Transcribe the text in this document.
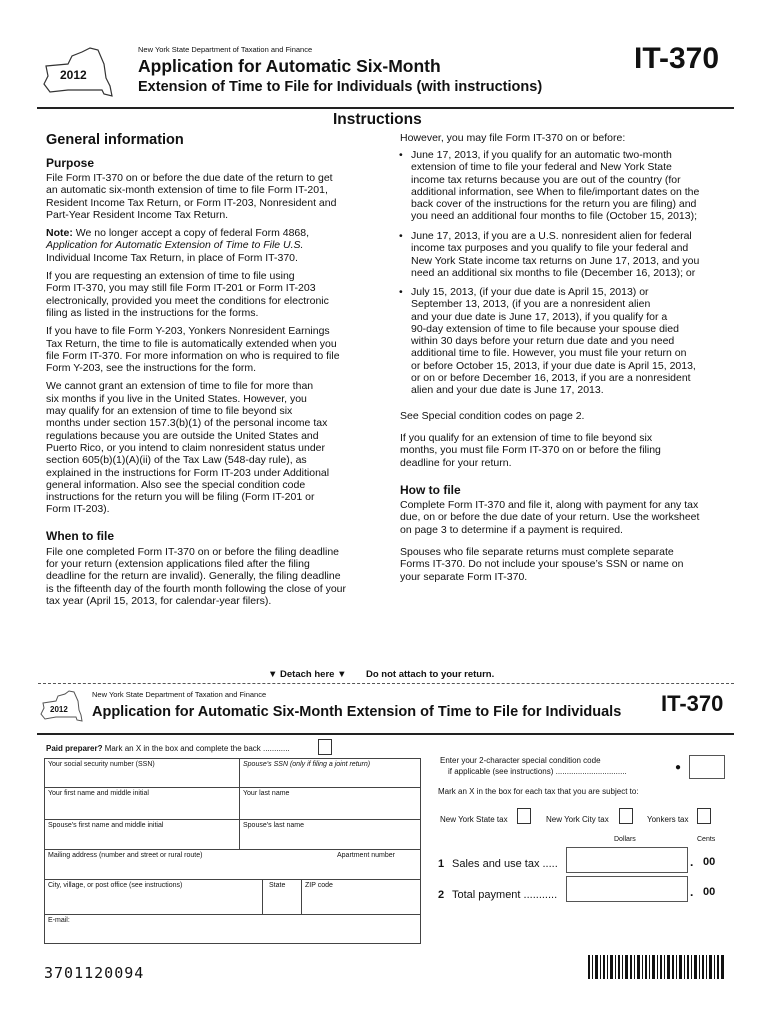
2012
New York State Department of Taxation and Finance
Application for Automatic Six-Month
Extension of Time to File for Individuals (with instructions)
IT-370
Instructions
General information
Purpose
File Form IT-370 on or before the due date of the return to get
an automatic six-month extension of time to file Form IT-201,
Resident Income Tax Return, or Form IT-203, Nonresident and
Part-Year Resident Income Tax Return.
Note: We no longer accept a copy of federal Form 4868,
Application for Automatic Extension of Time to File U.S.
Individual Income Tax Return, in place of Form IT-370.
If you are requesting an extension of time to file using
Form IT-370, you may still file Form IT-201 or Form IT-203
electronically, provided you meet the conditions for electronic
filing as listed in the instructions for the forms.
If you have to file Form Y-203, Yonkers Nonresident Earnings
Tax Return, the time to file is automatically extended when you
file Form IT-370. For more information on who is required to file
Form Y-203, see the instructions for the form.
We cannot grant an extension of time to file for more than
six months if you live in the United States. However, you
may qualify for an extension of time to file beyond six
months under section 157.3(b)(1) of the personal income tax
regulations because you are outside the United States and
Puerto Rico, or you intend to claim nonresident status under
section 605(b)(1)(A)(ii) of the Tax Law (548-day rule), as
explained in the instructions for Form IT-203 under Additional
general information. Also see the special condition code
instructions for the return you will be filing (Form IT-201 or
Form IT-203).
When to file
File one completed Form IT-370 on or before the filing deadline
for your return (extension applications filed after the filing
deadline for the return are invalid). Generally, the filing deadline
is the fifteenth day of the fourth month following the close of your
tax year (April 15, 2013, for calendar-year filers).
However, you may file Form IT-370 on or before:
• June 17, 2013, if you qualify for an automatic two-month
extension of time to file your federal and New York State
income tax returns because you are out of the country (for
additional information, see When to file/important dates on the
back cover of the instructions for the return you are filing) and
you need an additional four months to file (October 15, 2013);
• June 17, 2013, if you are a U.S. nonresident alien for federal
income tax purposes and you qualify to file your federal and
New York State income tax returns on June 17, 2013, and you
need an additional six months to file (December 16, 2013); or
• July 15, 2013, (if your due date is April 15, 2013) or
September 13, 2013, (if you are a nonresident alien
and your due date is June 17, 2013), if you qualify for a
90-day extension of time to file because your spouse died
within 30 days before your return due date and you need
additional time to file. However, you must file your return on
or before October 15, 2013, if your due date is April 15, 2013,
or on or before December 16, 2013, if you are a nonresident
alien and your due date is June 17, 2013.
See Special condition codes on page 2.
If you qualify for an extension of time to file beyond six
months, you must file Form IT-370 on or before the filing
deadline for your return.
How to file
Complete Form IT-370 and file it, along with payment for any tax
due, on or before the due date of your return. Use the worksheet
on page 3 to determine if a payment is required.
Spouses who file separate returns must complete separate
Forms IT-370. Do not include your spouse’s SSN or name on
your separate Form IT-370.
▼ Detach here ▼ Do not attach to your return.
2012
New York State Department of Taxation and Finance
Application for Automatic Six-Month Extension of Time to File for Individuals IT-370
Paid preparer? Mark an X in the box and complete the back ............
Your social security number (SSN)	Spouse’s SSN (only if filing a joint return)
Your first name and middle initial	Your last name
Spouse’s first name and middle initial	Spouse’s last name
Mailing address (number and street or rural route)	Apartment number
City, village, or post office (see instructions)	State	ZIP code
E-mail:
Enter your 2-character special condition code
if applicable (see instructions) ................................	●
Mark an X in the box for each tax that you are subject to:
New York State tax	New York City tax	Yonkers tax
Dollars	Cents
1 Sales and use tax .....	. 00
2 Total payment ...........	. 00
3701120094
